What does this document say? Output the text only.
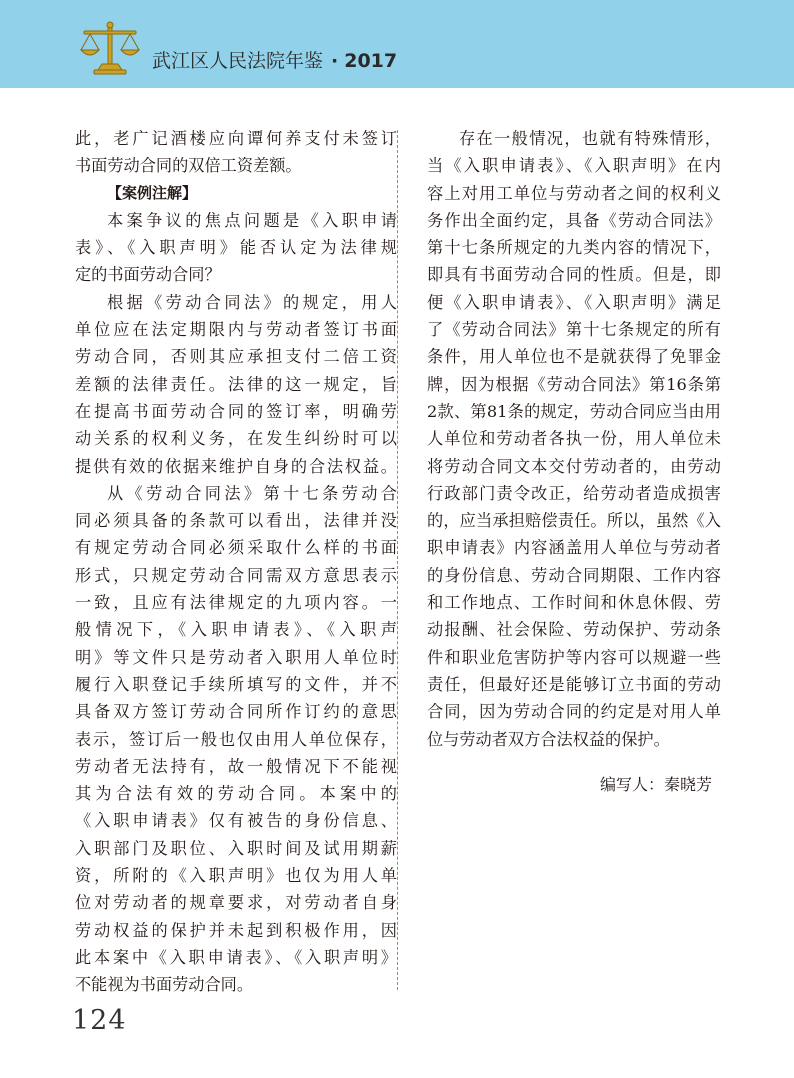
武江区人民法院年鉴 · 2017
此，老广记酒楼应向谭何养支付未签订
书面劳动合同的双倍工资差额。
【案例注解】
本案争议的焦点问题是《入职申请
表》、《入职声明》能否认定为法律规
定的书面劳动合同？
根据《劳动合同法》的规定，用人
单位应在法定期限内与劳动者签订书面
劳动合同，否则其应承担支付二倍工资
差额的法律责任。法律的这一规定，旨
在提高书面劳动合同的签订率，明确劳
动关系的权利义务，在发生纠纷时可以
提供有效的依据来维护自身的合法权益。
从《劳动合同法》第十七条劳动合
同必须具备的条款可以看出，法律并没
有规定劳动合同必须采取什么样的书面
形式，只规定劳动合同需双方意思表示
一致，且应有法律规定的九项内容。一
般情况下，《入职申请表》、《入职声
明》等文件只是劳动者入职用人单位时
履行入职登记手续所填写的文件，并不
具备双方签订劳动合同所作订约的意思
表示，签订后一般也仅由用人单位保存，
劳动者无法持有，故一般情况下不能视
其为合法有效的劳动合同。本案中的
《入职申请表》仅有被告的身份信息、
入职部门及职位、入职时间及试用期薪
资，所附的《入职声明》也仅为用人单
位对劳动者的规章要求，对劳动者自身
劳动权益的保护并未起到积极作用，因
此本案中《入职申请表》、《入职声明》
不能视为书面劳动合同。
存在一般情况，也就有特殊情形，
当《入职申请表》、《入职声明》在内
容上对用工单位与劳动者之间的权利义
务作出全面约定，具备《劳动合同法》
第十七条所规定的九类内容的情况下，
即具有书面劳动合同的性质。但是，即
便《入职申请表》、《入职声明》满足
了《劳动合同法》第十七条规定的所有
条件，用人单位也不是就获得了免罪金
牌，因为根据《劳动合同法》第16条第
2款、第81条的规定，劳动合同应当由用
人单位和劳动者各执一份，用人单位未
将劳动合同文本交付劳动者的，由劳动
行政部门责令改正，给劳动者造成损害
的，应当承担赔偿责任。所以，虽然《入
职申请表》内容涵盖用人单位与劳动者
的身份信息、劳动合同期限、工作内容
和工作地点、工作时间和休息休假、劳
动报酬、社会保险、劳动保护、劳动条
件和职业危害防护等内容可以规避一些
责任，但最好还是能够订立书面的劳动
合同，因为劳动合同的约定是对用人单
位与劳动者双方合法权益的保护。
编写人：秦晓芳
124
